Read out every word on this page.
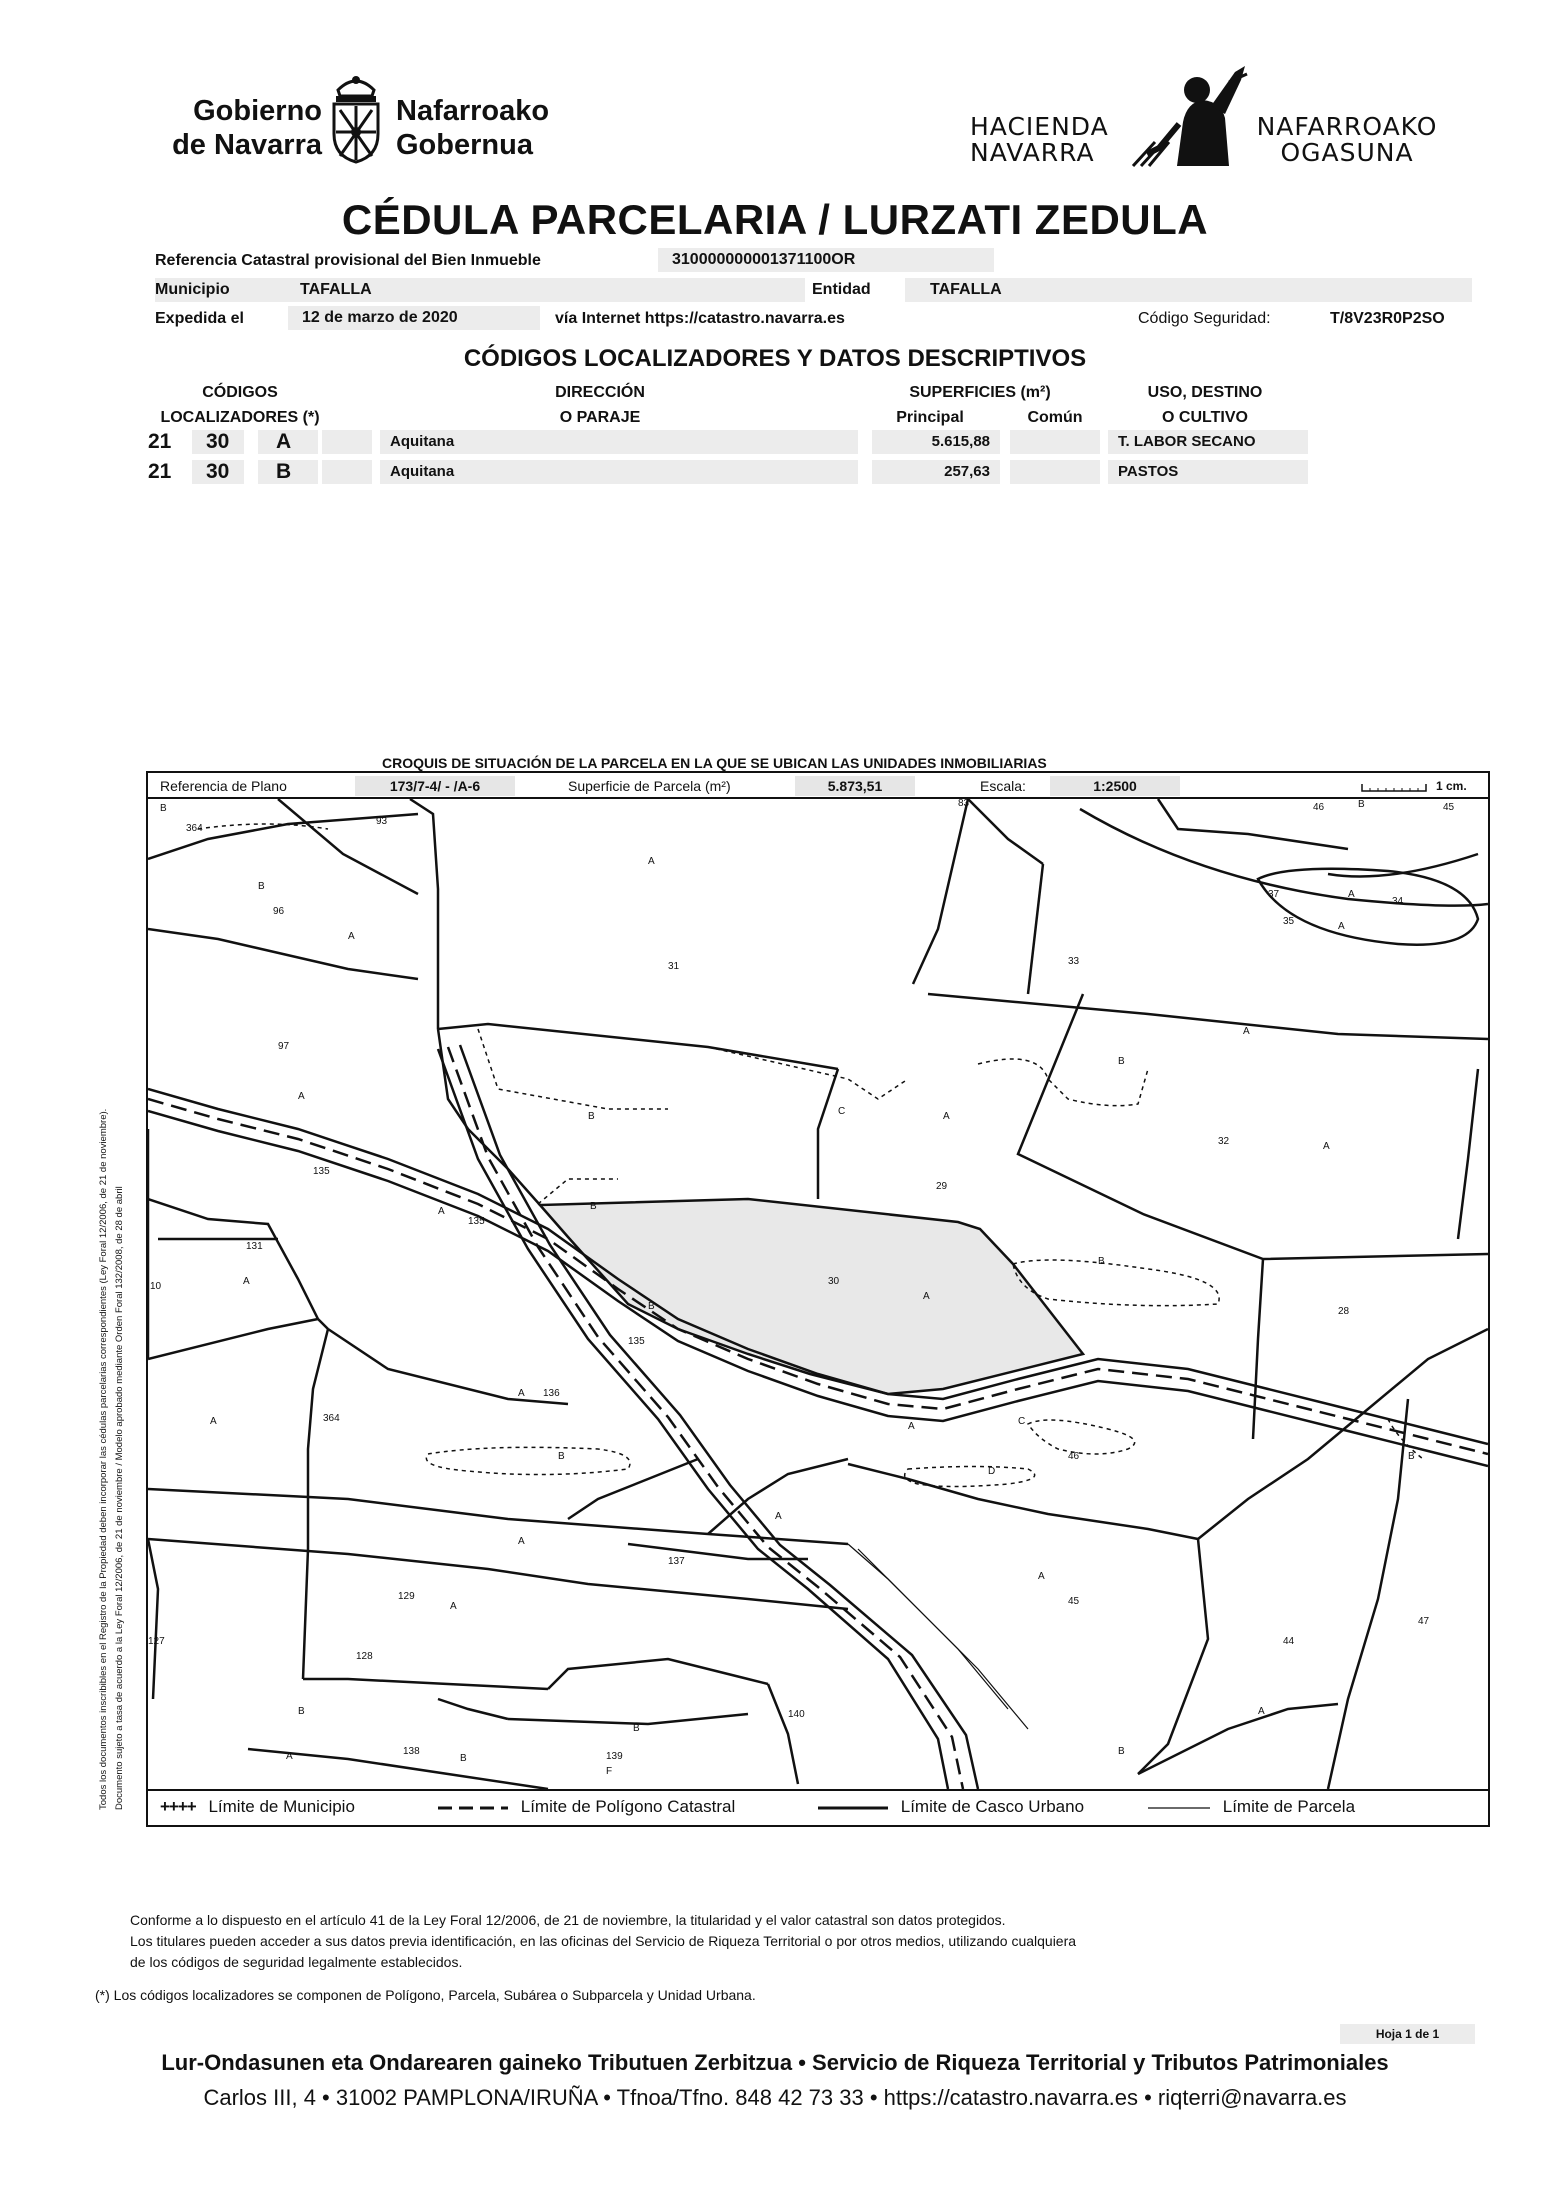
Gobierno
de Navarra
Nafarroako
Gobernua
HACIENDA
NAVARRA
NAFARROAKO
OGASUNA
CÉDULA PARCELARIA / LURZATI ZEDULA
Referencia Catastral provisional del Bien Inmueble	310000000001371100OR
Municipio	TAFALLA	Entidad	TAFALLA
Expedida el	12 de marzo de 2020	vía Internet https://catastro.navarra.es	Código Seguridad:	T/8V23R0P2SO
CÓDIGOS LOCALIZADORES Y DATOS DESCRIPTIVOS
CÓDIGOS
LOCALIZADORES (*)
DIRECCIÓN
O PARAJE
SUPERFICIES (m²)
Principal	Común
USO, DESTINO
O CULTIVO
21 30 A	Aquitana	5.615,88	T. LABOR SECANO
21 30 B	Aquitana	257,63	PASTOS
CROQUIS DE SITUACIÓN DE LA PARCELA EN LA QUE SE UBICAN LAS UNIDADES INMOBILIARIAS
Referencia de Plano	173/7-4/ - /A-6	Superficie de Parcela (m²)	5.873,51	Escala:	1:2500	1 cm.
B
364
93
A
96
A
31	33
37	A
34
35	A
97
A
B	C	A
B
A
32	A
135
29
A
135
B
B
131
A
10	30
A
B
135
28
A
A 136
364
B
A	C
46
D
B
A
137
A
129
A
A
45
47
127
128
44
A
B
140
B
138
B
A	139
F
B
46	B	45
83
B
++++ Límite de Municipio	Límite de Polígono Catastral	Límite de Casco Urbano	Límite de Parcela
Todos los documentos inscribibles en el Registro de la Propiedad deben incorporar las cédulas parcelarias correspondientes (Ley Foral 12/2006, de 21 de noviembre). Documento sujeto a tasa de acuerdo a la Ley Foral 12/2006, de 21 de noviembre / Modelo aprobado mediante Orden Foral 132/2008, de 28 de abril
Conforme a lo dispuesto en el artículo 41 de la Ley Foral 12/2006, de 21 de noviembre, la titularidad y el valor catastral son datos protegidos.
Los titulares pueden acceder a sus datos previa identificación, en las oficinas del Servicio de Riqueza Territorial o por otros medios, utilizando cualquiera
de los códigos de seguridad legalmente establecidos.
(*) Los códigos localizadores se componen de Polígono, Parcela, Subárea o Subparcela y Unidad Urbana.
Hoja 1 de 1
Lur-Ondasunen eta Ondarearen gaineko Tributuen Zerbitzua • Servicio de Riqueza Territorial y Tributos Patrimoniales
Carlos III, 4 • 31002 PAMPLONA/IRUÑA • Tfnoa/Tfno. 848 42 73 33 • https://catastro.navarra.es • riqterri@navarra.es
